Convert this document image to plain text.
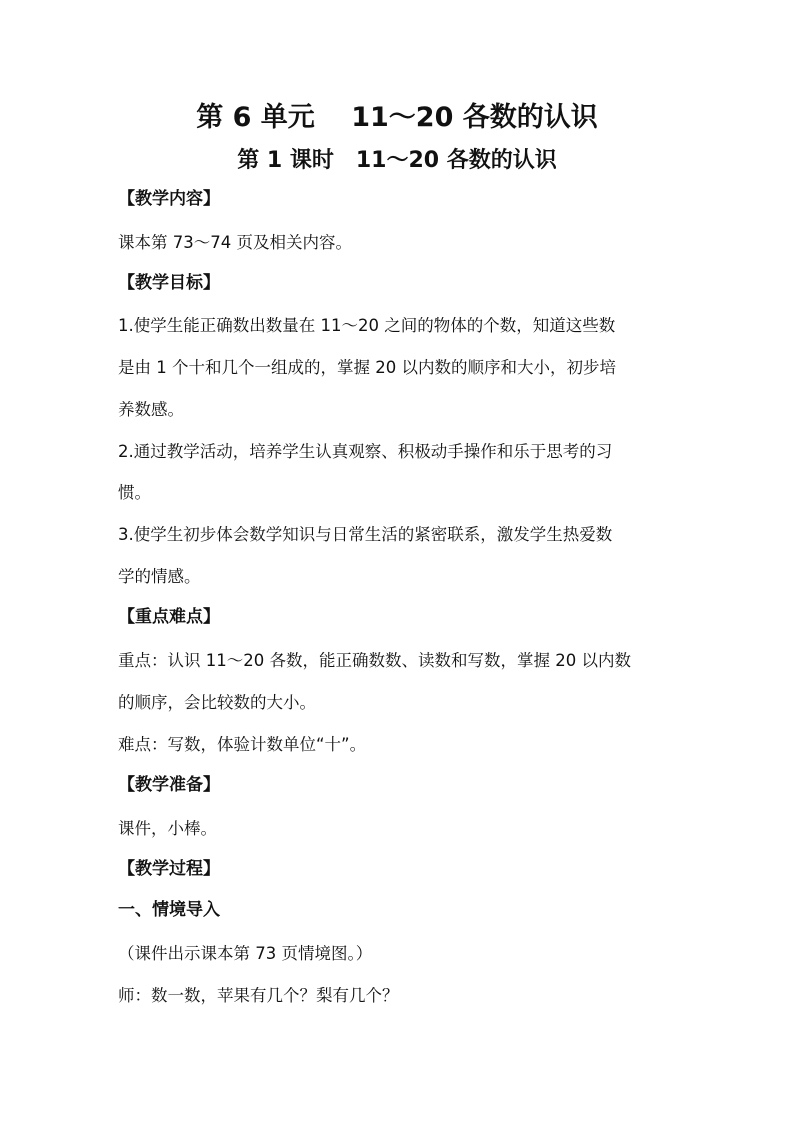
第 6 单元　 11～20 各数的认识
第 1 课时　11～20 各数的认识
【教学内容】
课本第 73～74 页及相关内容。
【教学目标】
1.使学生能正确数出数量在 11～20 之间的物体的个数，知道这些数
是由 1 个十和几个一组成的，掌握 20 以内数的顺序和大小，初步培
养数感。
2.通过教学活动，培养学生认真观察、积极动手操作和乐于思考的习
惯。
3.使学生初步体会数学知识与日常生活的紧密联系，激发学生热爱数
学的情感。
【重点难点】
重点：认识 11～20 各数，能正确数数、读数和写数，掌握 20 以内数
的顺序，会比较数的大小。
难点：写数，体验计数单位“十”。
【教学准备】
课件，小棒。
【教学过程】
一、情境导入
（课件出示课本第 73 页情境图。）
师：数一数，苹果有几个？梨有几个？
